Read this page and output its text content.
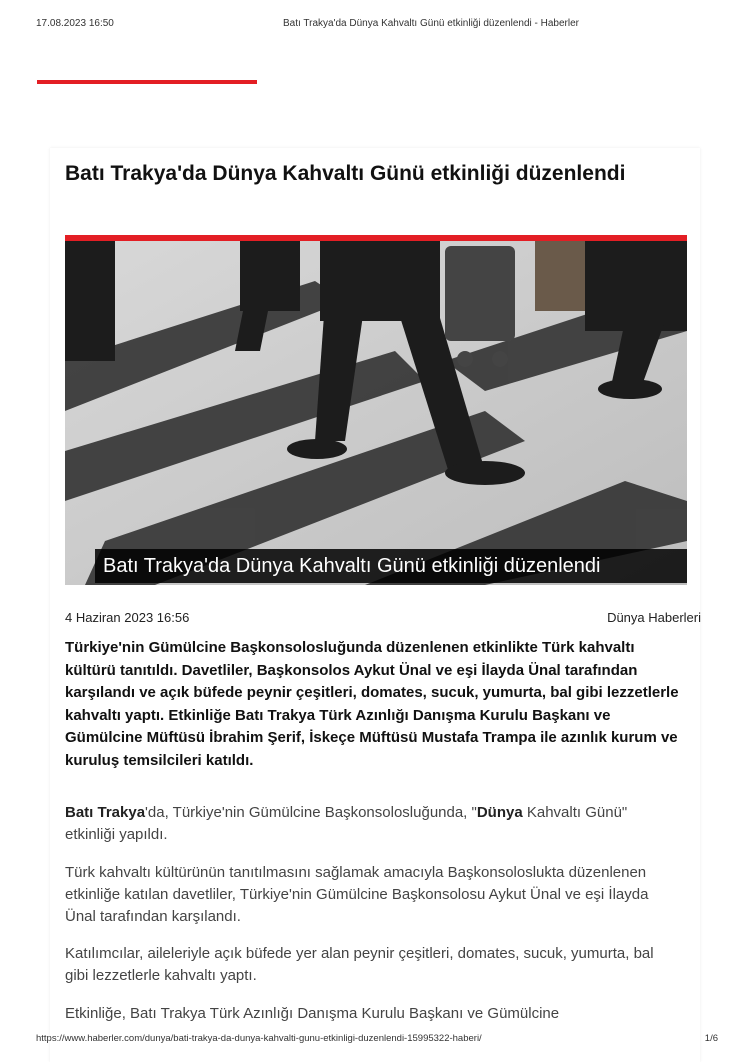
17.08.2023 16:50	Batı Trakya'da Dünya Kahvaltı Günü etkinliği düzenlendi - Haberler
Batı Trakya'da Dünya Kahvaltı Günü etkinliği düzenlendi
Batı Trakya'da Dünya Kahvaltı Günü etkinliği düzenlendi
4 Haziran 2023 16:56	Dünya Haberleri

Türkiye'nin Gümülcine Başkonsolosluğunda düzenlenen etkinlikte Türk kahvaltı kültürü tanıtıldı. Davetliler, Başkonsolos Aykut Ünal ve eşi İlayda Ünal tarafından karşılandı ve açık büfede peynir çeşitleri, domates, sucuk, yumurta, bal gibi lezzetlerle kahvaltı yaptı. Etkinliğe Batı Trakya Türk Azınlığı Danışma Kurulu Başkanı ve Gümülcine Müftüsü İbrahim Şerif, İskeçe Müftüsü Mustafa Trampa ile azınlık kurum ve kuruluş temsilcileri katıldı.

Batı Trakya'da, Türkiye'nin Gümülcine Başkonsolosluğunda, "Dünya Kahvaltı Günü" etkinliği yapıldı.

Türk kahvaltı kültürünün tanıtılmasını sağlamak amacıyla Başkonsoloslukta düzenlenen etkinliğe katılan davetliler, Türkiye'nin Gümülcine Başkonsolosu Aykut Ünal ve eşi İlayda Ünal tarafından karşılandı.

Katılımcılar, aileleriyle açık büfede yer alan peynir çeşitleri, domates, sucuk, yumurta, bal gibi lezzetlerle kahvaltı yaptı.

Etkinliğe, Batı Trakya Türk Azınlığı Danışma Kurulu Başkanı ve Gümülcine

https://www.haberler.com/dunya/bati-trakya-da-dunya-kahvalti-gunu-etkinligi-duzenlendi-15995322-haberi/	1/6
